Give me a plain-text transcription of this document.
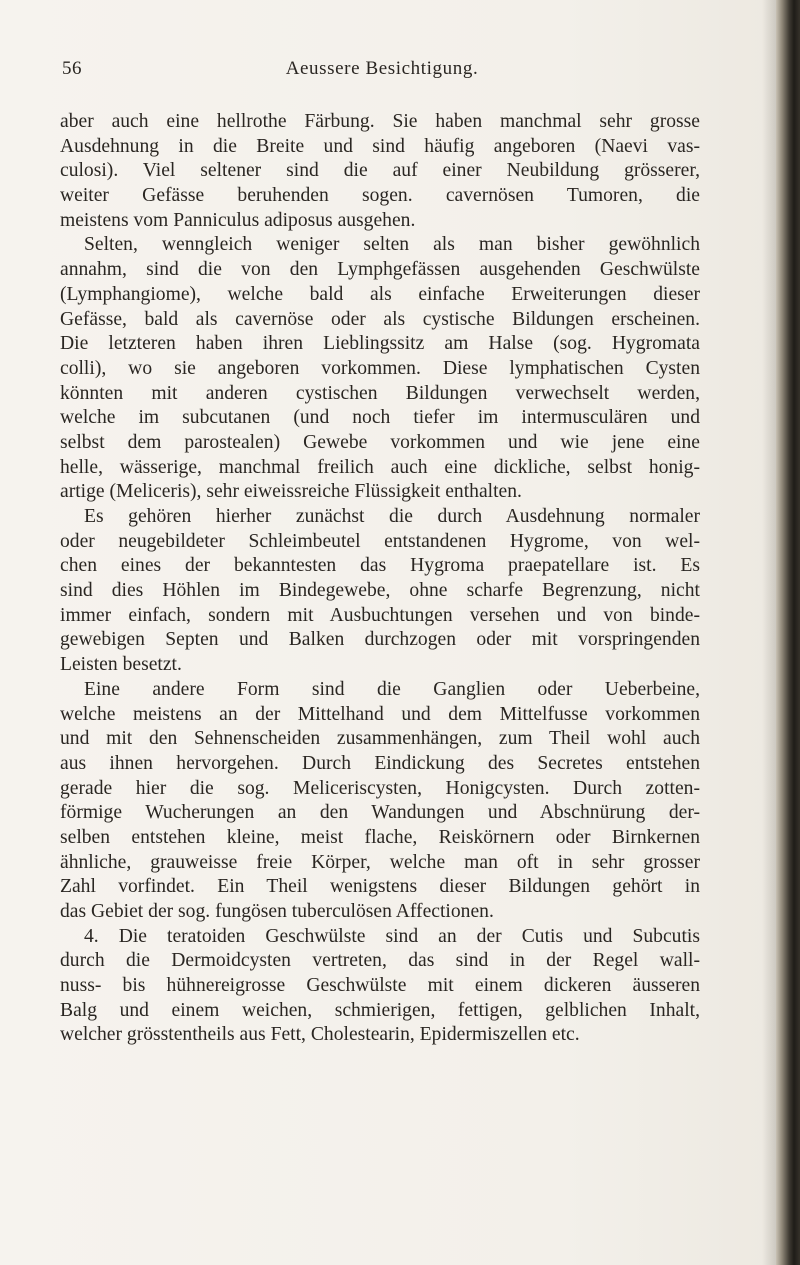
56	Aeussere Besichtigung.
aber auch eine hellrothe Färbung. Sie haben manchmal sehr grosse
Ausdehnung in die Breite und sind häufig angeboren (Naevi vas-
culosi). Viel seltener sind die auf einer Neubildung grösserer,
weiter Gefässe beruhenden sogen. cavernösen Tumoren, die
meistens vom Panniculus adiposus ausgehen.
Selten, wenngleich weniger selten als man bisher gewöhnlich
annahm, sind die von den Lymphgefässen ausgehenden Geschwülste
(Lymphangiome), welche bald als einfache Erweiterungen dieser
Gefässe, bald als cavernöse oder als cystische Bildungen erscheinen.
Die letzteren haben ihren Lieblingssitz am Halse (sog. Hygromata
colli), wo sie angeboren vorkommen. Diese lymphatischen Cysten
könnten mit anderen cystischen Bildungen verwechselt werden,
welche im subcutanen (und noch tiefer im intermusculären und
selbst dem parostealen) Gewebe vorkommen und wie jene eine
helle, wässerige, manchmal freilich auch eine dickliche, selbst honig-
artige (Meliceris), sehr eiweissreiche Flüssigkeit enthalten.
Es gehören hierher zunächst die durch Ausdehnung normaler
oder neugebildeter Schleimbeutel entstandenen Hygrome, von wel-
chen eines der bekanntesten das Hygroma praepatellare ist. Es
sind dies Höhlen im Bindegewebe, ohne scharfe Begrenzung, nicht
immer einfach, sondern mit Ausbuchtungen versehen und von binde-
gewebigen Septen und Balken durchzogen oder mit vorspringenden
Leisten besetzt.
Eine andere Form sind die Ganglien oder Ueberbeine,
welche meistens an der Mittelhand und dem Mittelfusse vorkommen
und mit den Sehnenscheiden zusammenhängen, zum Theil wohl auch
aus ihnen hervorgehen. Durch Eindickung des Secretes entstehen
gerade hier die sog. Meliceriscysten, Honigcysten. Durch zotten-
förmige Wucherungen an den Wandungen und Abschnürung der-
selben entstehen kleine, meist flache, Reiskörnern oder Birnkernen
ähnliche, grauweisse freie Körper, welche man oft in sehr grosser
Zahl vorfindet. Ein Theil wenigstens dieser Bildungen gehört in
das Gebiet der sog. fungösen tuberculösen Affectionen.
4. Die teratoiden Geschwülste sind an der Cutis und Subcutis
durch die Dermoidcysten vertreten, das sind in der Regel wall-
nuss- bis hühnereigrosse Geschwülste mit einem dickeren äusseren
Balg und einem weichen, schmierigen, fettigen, gelblichen Inhalt,
welcher grösstentheils aus Fett, Cholestearin, Epidermiszellen etc.
